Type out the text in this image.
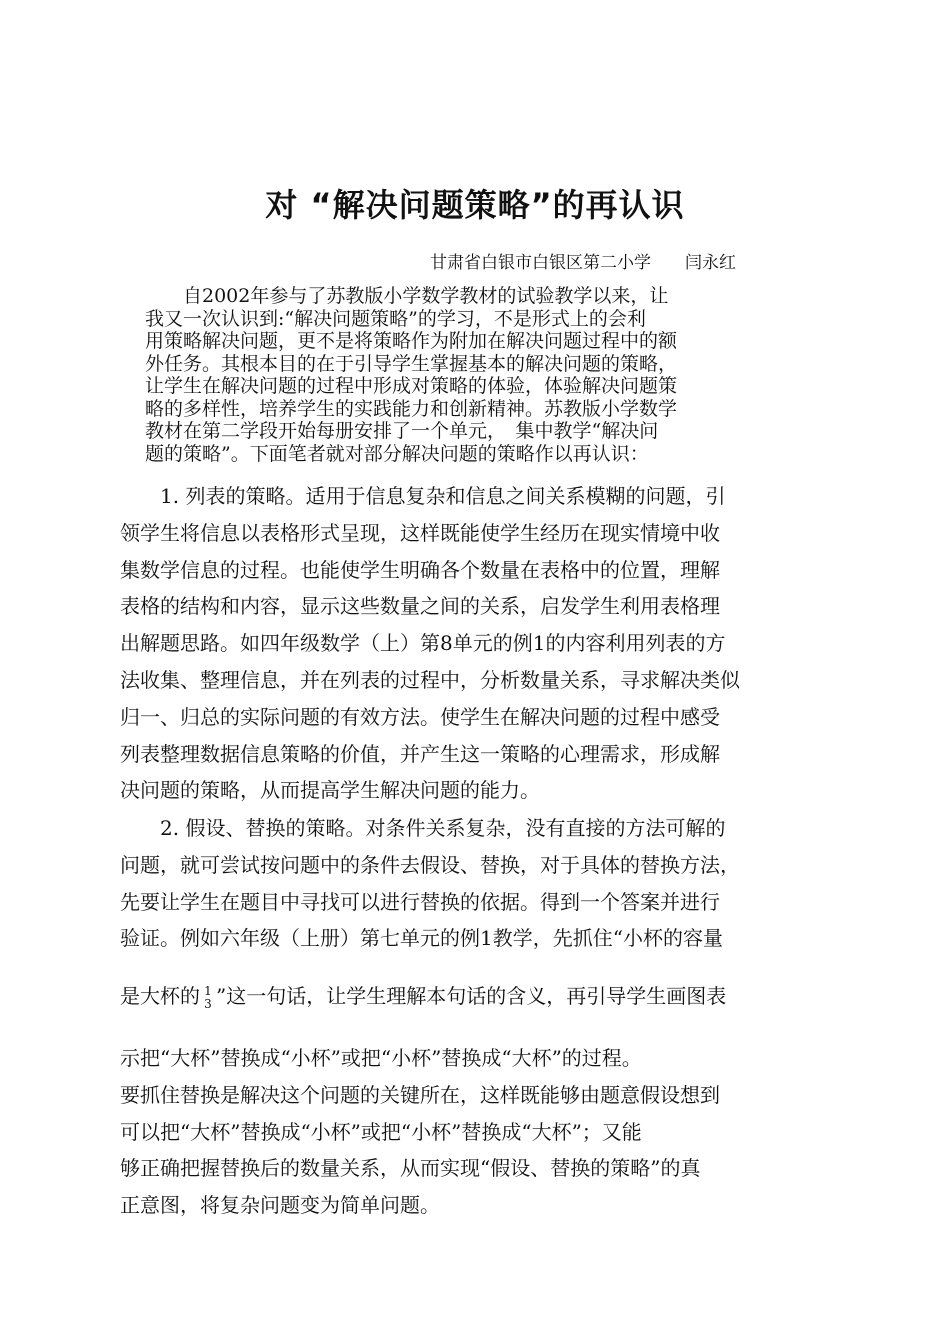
对 “解决问题策略”的再认识
甘肃省白银市白银区第二小学　　闫永红
　　自2002年参与了苏教版小学数学教材的试验教学以来，让
我又一次认识到:“解决问题策略”的学习，不是形式上的会利
用策略解决问题，更不是将策略作为附加在解决问题过程中的额
外任务。其根本目的在于引导学生掌握基本的解决问题的策略，
让学生在解决问题的过程中形成对策略的体验，体验解决问题策
略的多样性，培养学生的实践能力和创新精神。苏教版小学数学
教材在第二学段开始每册安排了一个单元，　集中教学“解决问
题的策略”。下面笔者就对部分解决问题的策略作以再认识：
　　1. 列表的策略。适用于信息复杂和信息之间关系模糊的问题，引
领学生将信息以表格形式呈现，这样既能使学生经历在现实情境中收
集数学信息的过程。也能使学生明确各个数量在表格中的位置，理解
表格的结构和内容，显示这些数量之间的关系，启发学生利用表格理
出解题思路。如四年级数学（上）第8单元的例1的内容利用列表的方
法收集、整理信息，并在列表的过程中，分析数量关系，寻求解决类似
归一、归总的实际问题的有效方法。使学生在解决问题的过程中感受
列表整理数据信息策略的价值，并产生这一策略的心理需求，形成解
决问题的策略，从而提高学生解决问题的能力。
　　2. 假设、替换的策略。对条件关系复杂，没有直接的方法可解的
问题，就可尝试按问题中的条件去假设、替换，对于具体的替换方法，
先要让学生在题目中寻找可以进行替换的依据。得到一个答案并进行
验证。例如六年级（上册）第七单元的例1教学，先抓住“小杯的容量
是大杯的 1
3 ”这一句话，让学生理解本句话的含义，再引导学生画图表
示把“大杯”替换成“小杯”或把“小杯”替换成“大杯”的过程。
要抓住替换是解决这个问题的关键所在，这样既能够由题意假设想到
可以把“大杯”替换成“小杯”或把“小杯”替换成“大杯”；又能
够正确把握替换后的数量关系，从而实现“假设、替换的策略”的真
正意图，将复杂问题变为简单问题。
